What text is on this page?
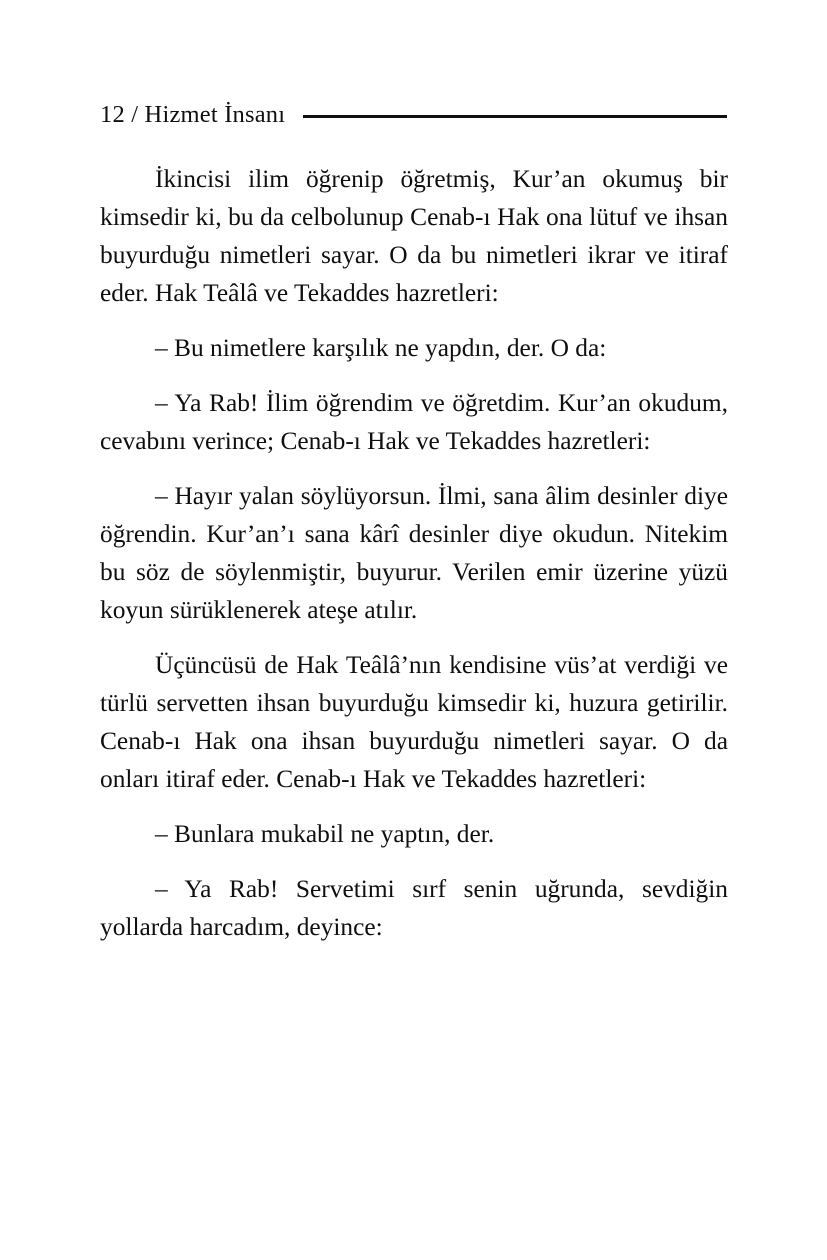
12 / Hizmet İnsanı

İkincisi ilim öğrenip öğretmiş, Kur’an okumuş bir kimsedir ki, bu da celbolunup Cenab-ı Hak ona lütuf ve ihsan buyurduğu nimetleri sayar. O da bu nimetleri ikrar ve itiraf eder. Hak Teâlâ ve Tekaddes hazretleri:

– Bu nimetlere karşılık ne yapdın, der. O da:

– Ya Rab! İlim öğrendim ve öğretdim. Kur’an okudum, cevabını verince; Cenab-ı Hak ve Tekaddes hazretleri:

– Hayır yalan söylüyorsun. İlmi, sana âlim desinler diye öğrendin. Kur’an’ı sana kârî desinler diye okudun. Nitekim bu söz de söylenmiştir, buyurur. Verilen emir üzerine yüzü koyun sürüklenerek ateşe atılır.

Üçüncüsü de Hak Teâlâ’nın kendisine vüs’at verdiği ve türlü servetten ihsan buyurduğu kimsedir ki, huzura getirilir. Cenab-ı Hak ona ihsan buyurduğu nimetleri sayar. O da onları itiraf eder. Cenab-ı Hak ve Tekaddes hazretleri:

– Bunlara mukabil ne yaptın, der.

– Ya Rab! Servetimi sırf senin uğrunda, sevdiğin yollarda harcadım, deyince:
